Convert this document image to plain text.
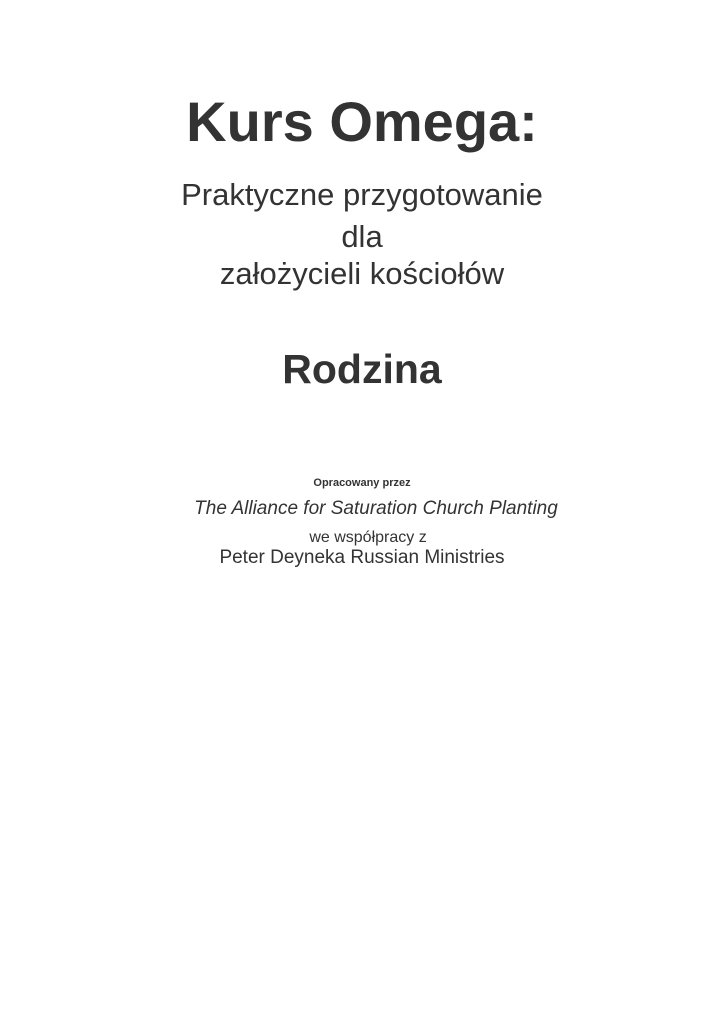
Kurs Omega:
Praktyczne przygotowanie
dla
założycieli kościołów
Rodzina
Opracowany przez
The Alliance for Saturation Church Planting
we współpracy z
Peter Deyneka Russian Ministries
